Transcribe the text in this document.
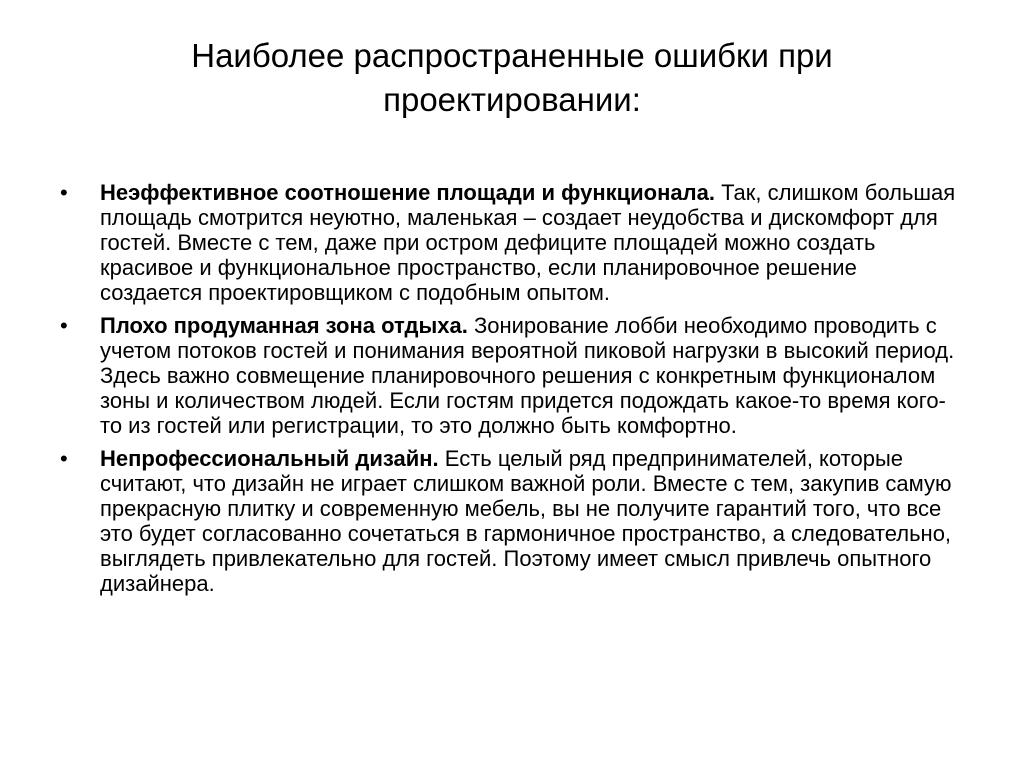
Наиболее распространенные ошибки при проектировании:
•	Неэффективное соотношение площади и функционала. Так, слишком большая площадь смотрится неуютно, маленькая – создает неудобства и дискомфорт для гостей. Вместе с тем, даже при остром дефиците площадей можно создать красивое и функциональное пространство, если планировочное решение создается проектировщиком с подобным опытом.
•	Плохо продуманная зона отдыха. Зонирование лобби необходимо проводить с учетом потоков гостей и понимания вероятной пиковой нагрузки в высокий период. Здесь важно совмещение планировочного решения с конкретным функционалом зоны и количеством людей. Если гостям придется подождать какое-то время кого-то из гостей или регистрации, то это должно быть комфортно.
•	Непрофессиональный дизайн. Есть целый ряд предпринимателей, которые считают, что дизайн не играет слишком важной роли. Вместе с тем, закупив самую прекрасную плитку и современную мебель, вы не получите гарантий того, что все это будет согласованно сочетаться в гармоничное пространство, а следовательно, выглядеть привлекательно для гостей. Поэтому имеет смысл привлечь опытного дизайнера.
